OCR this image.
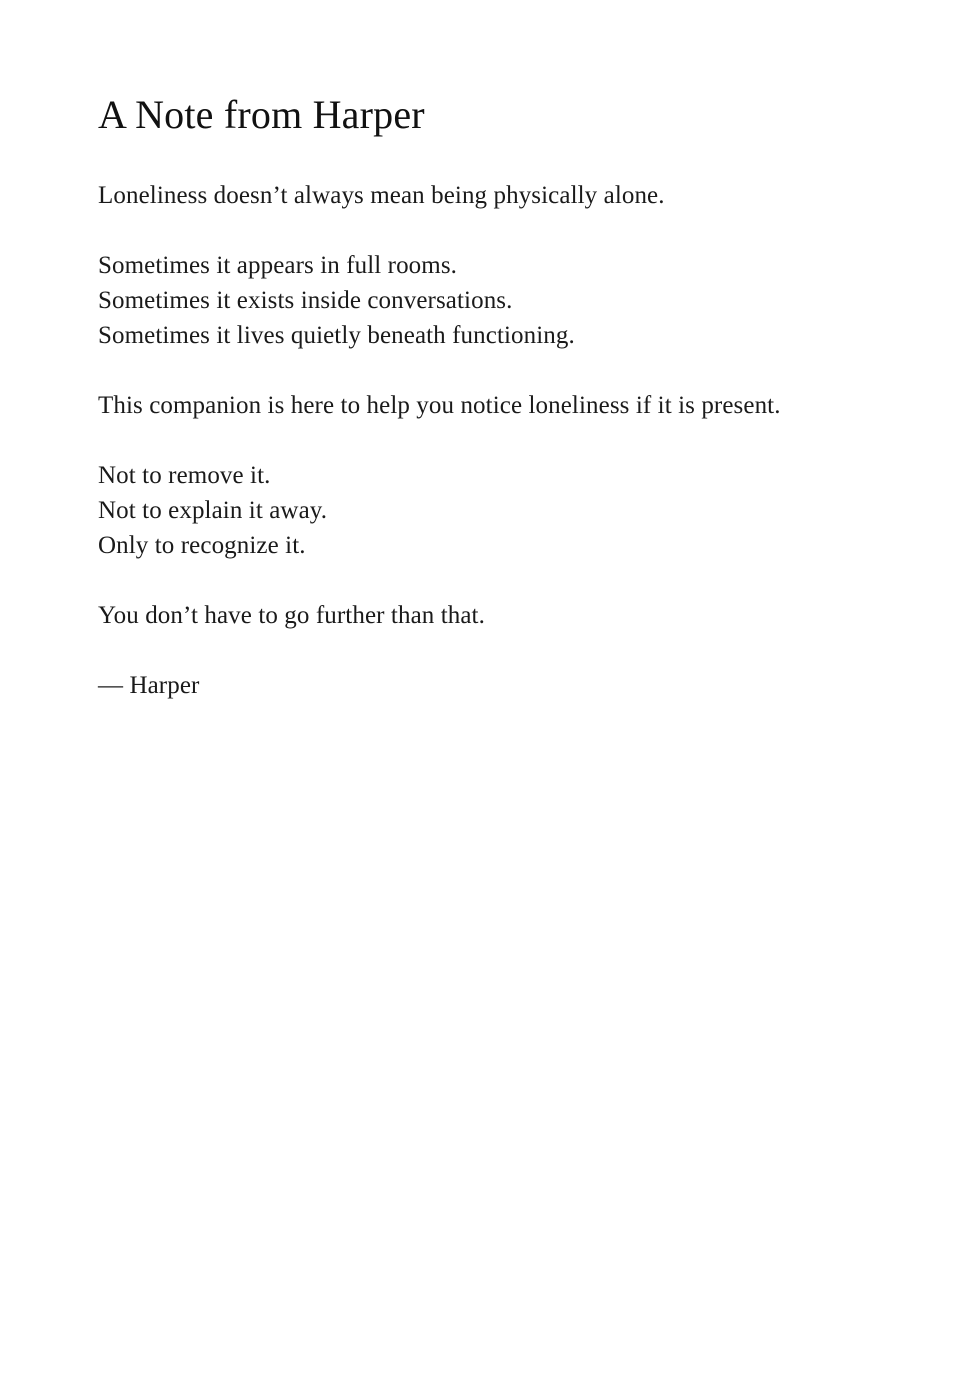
A Note from Harper

Loneliness doesn’t always mean being physically alone.

Sometimes it appears in full rooms.
Sometimes it exists inside conversations.
Sometimes it lives quietly beneath functioning.

This companion is here to help you notice loneliness if it is present.

Not to remove it.
Not to explain it away.
Only to recognize it.

You don’t have to go further than that.

— Harper
